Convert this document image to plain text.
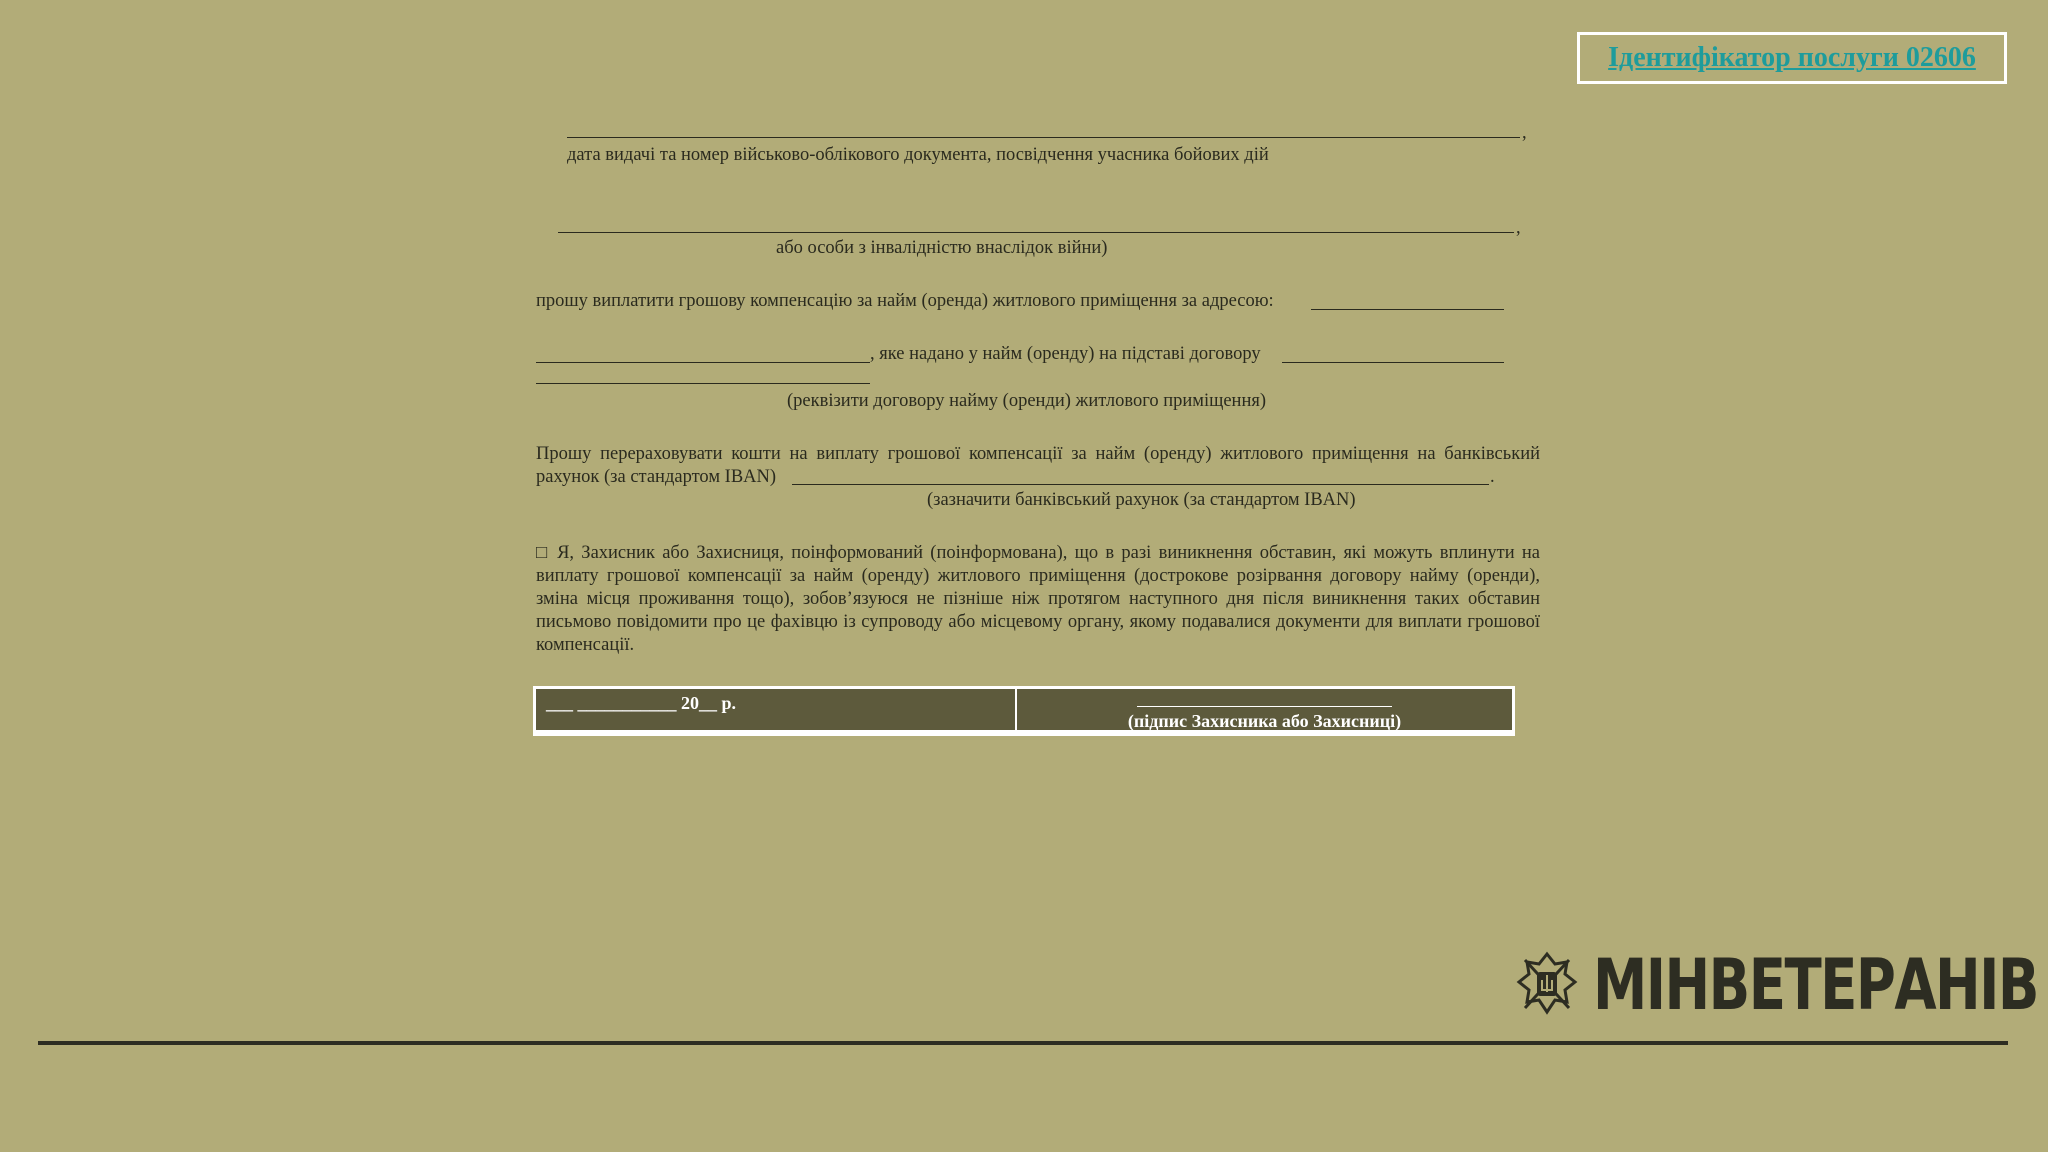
Ідентифікатор послуги 02606
,
дата видачі та номер військово-облікового документа, посвідчення учасника бойових дій
,
або особи з інвалідністю внаслідок війни)
прошу виплатити грошову компенсацію за найм (оренда) житлового приміщення за адресою:
, яке надано у найм (оренду) на підставі договору
(реквізити договору найму (оренди) житлового приміщення)
Прошу перераховувати кошти на виплату грошової компенсації за найм (оренду) житлового приміщення на банківський
рахунок (за стандартом IBAN)	.
(зазначити банківський рахунок (за стандартом IBAN)
□ Я, Захисник або Захисниця, поінформований (поінформована), що в разі виникнення обставин, які можуть вплинути на виплату грошової компенсації за найм (оренду) житлового приміщення (дострокове розірвання договору найму (оренди), зміна місця проживання тощо), зобов’язуюся не пізніше ніж протягом наступного дня після виникнення таких обставин письмово повідомити про це фахівцю із супроводу або місцевому органу, якому подавалися документи для виплати грошової компенсації.
___ ___________ 20__ р.
(підпис Захисника або Захисниці)
МІНВЕТЕРАНІВ
